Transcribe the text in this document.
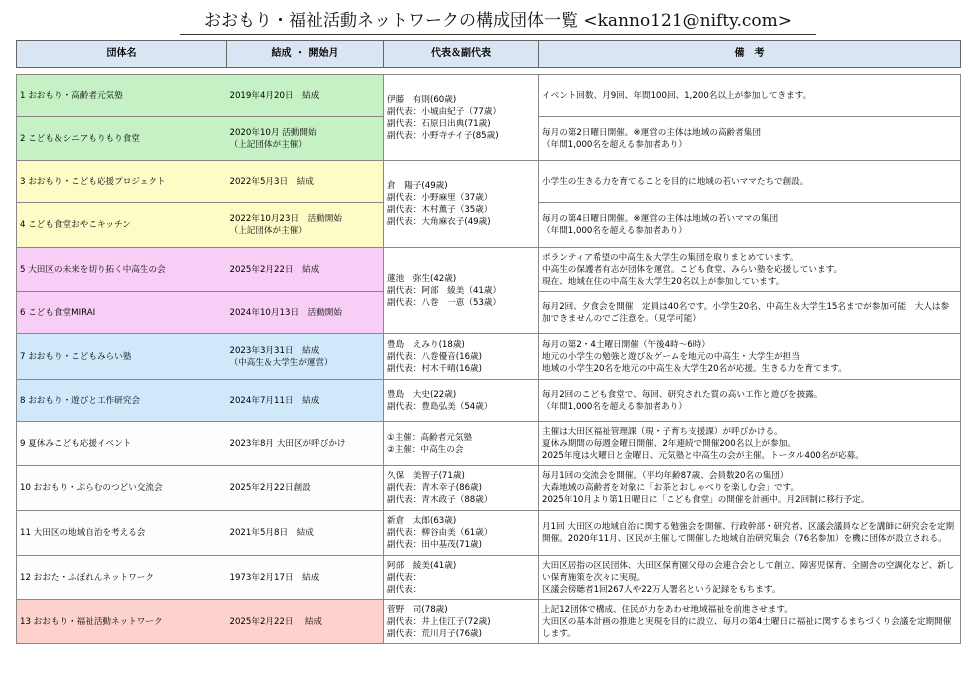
おおもり・福祉活動ネットワークの構成団体一覧 <kanno121@nifty.com>
団体名	結成 ・ 開始月	代表＆副代表	備　考

1 おおもり・高齢者元気塾	2019年4月20日　結成	伊藤　有則(60歳)
副代表：小城由紀子（77歳）
副代表：石原日出典(71歳)
副代表：小野寺チイ子(85歳)	イベント回数、月9回、年間100回、1,200名以上が参加してきます。
2 こども＆シニアもりもり食堂	2020年10月 活動開始
（上記団体が主催）		毎月の第2日曜日開催。※運営の主体は地域の高齢者集団
（年間1,000名を超える参加者あり）
3 おおもり・こども応援プロジェクト	2022年5月3日　結成	倉　陽子(49歳)
副代表：小野麻里（37歳）
副代表：木村薫子（35歳）
副代表：大角麻衣子(49歳)	小学生の生きる力を育てることを目的に地域の若いママたちで創設。
4 こども食堂おやこキッチン	2022年10月23日　活動開始
（上記団体が主催）		毎月の第4日曜日開催。※運営の主体は地域の若いママの集団
（年間1,000名を超える参加者あり）
5 大田区の未来を切り拓く中高生の会	2025年2月22日　結成	蓮池　弥生(42歳)
副代表：阿部　綾美（41歳）
副代表：八巻　一恵（53歳）	ボランティア希望の中高生＆大学生の集団を取りまとめています。
中高生の保護者有志が団体を運営。こども食堂、みらい塾を応援しています。
現在、地域在住の中高生＆大学生20名以上が参加しています。
6 こども食堂MIRAI	2024年10月13日　活動開始		毎月2回、夕食会を開催　定員は40名です。小学生20名、中高生＆大学生15名までが参加可能　大人は参加できませんのでご注意を。（見学可能）
7 おおもり・こどもみらい塾	2023年3月31日　結成
（中高生＆大学生が運営）	豊島　えみり(18歳)
副代表：八巻優音(16歳)
副代表：村木千晴(16歳)	毎月の第2・4土曜日開催（午後4時〜6時）
地元の小学生の勉強と遊び＆ゲームを地元の中高生・大学生が担当
地域の小学生20名を地元の中高生＆大学生20名が応援。生きる力を育てます。
8 おおもり・遊びと工作研究会	2024年7月11日　結成	豊島　大史(22歳)
副代表：豊島弘美（54歳）	毎月2回のこども食堂で、毎回、研究された質の高い工作と遊びを披露。
（年間1,000名を超える参加者あり）
9 夏休みこども応援イベント	2023年8月 大田区が呼びかけ	①主催：高齢者元気塾
②主催：中高生の会	主催は大田区福祉管理課（現・子育ち支援課）が呼びかける。
夏休み期間の毎週金曜日開催、2年連続で開催200名以上が参加。
2025年度は火曜日と金曜日、元気塾と中高生の会が主催。トータル400名が応募。
10 おおもり・ぷらむのつどい交流会	2025年2月22日創設	久保　美智子(71歳)
副代表：青木幸子(86歳)
副代表：青木政子（88歳）	毎月1回の交流会を開催。（平均年齢87歳、会員数20名の集団）
大森地域の高齢者を対象に「お茶とおしゃべりを楽しむ会」です。
2025年10月より第1日曜日に「こども食堂」の開催を計画中。月2回制に移行予定。
11 大田区の地域自治を考える会	2021年5月8日　結成	新倉　太郎(63歳)
副代表：柳谷由美（61歳）
副代表：田中基茂(71歳)	月1回 大田区の地域自治に関する勉強会を開催、行政幹部・研究者、区議会議員などを講師に研究会を定期開催。2020年11月、区民が主催して開催した地域自治研究集会（76名参加）を機に団体が設立される。
12 おおた・ふぼれんネットワーク	1973年2月17日　結成	阿部　綾美(41歳)
副代表：
副代表：	大田区居指の区民団体、大田区保育園父母の会連合会として創立、障害児保育、全園舎の空調化など、新しい保育施策を次々に実現。
区議会傍聴者1回267人や22万人署名という記録をもちます。
13 おおもり・福祉活動ネットワーク	2025年2月22日　 結成	菅野　司(78歳)
副代表：井上佳江子(72歳)
副代表：荒川月子(76歳)	上記12団体で構成、住民が力をあわせ地域福祉を前進させます。
大田区の基本計画の推進と実現を目的に設立、毎月の第4土曜日に福祉に関するまちづくり会議を定期開催します。
